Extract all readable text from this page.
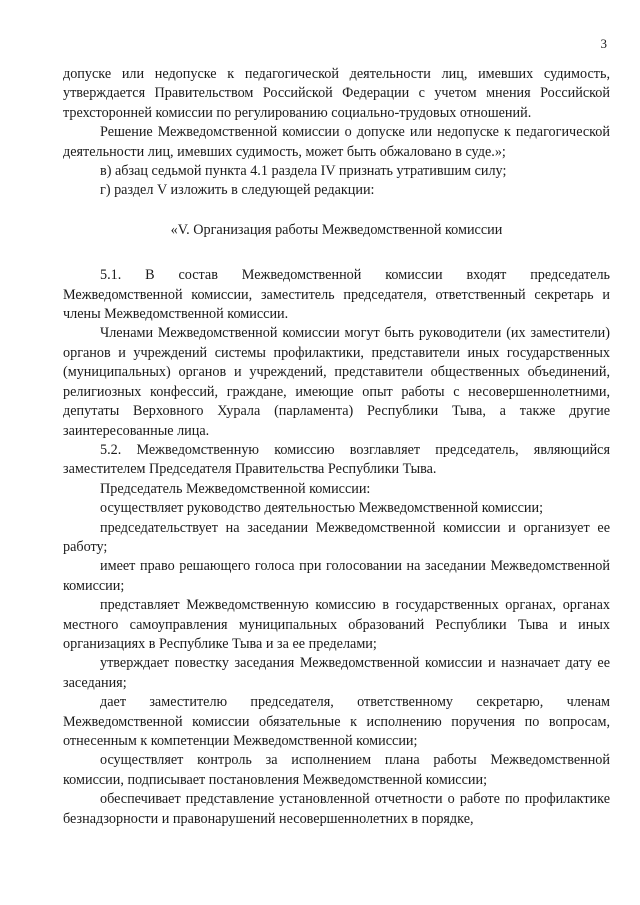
3

допуске или недопуске к педагогической деятельности лиц, имевших судимость, утверждается Правительством Российской Федерации с учетом мнения Российской трехсторонней комиссии по регулированию социально-трудовых отношений.

Решение Межведомственной комиссии о допуске или недопуске к педагогической деятельности лиц, имевших судимость, может быть обжаловано в суде.»;

в) абзац седьмой пункта 4.1 раздела IV признать утратившим силу;

г) раздел V изложить в следующей редакции:

«V. Организация работы Межведомственной комиссии

5.1. В состав Межведомственной комиссии входят председатель Межведомственной комиссии, заместитель председателя, ответственный секретарь и члены Межведомственной комиссии.

Членами Межведомственной комиссии могут быть руководители (их заместители) органов и учреждений системы профилактики, представители иных государственных (муниципальных) органов и учреждений, представители общественных объединений, религиозных конфессий, граждане, имеющие опыт работы с несовершеннолетними, депутаты Верховного Хурала (парламента) Республики Тыва, а также другие заинтересованные лица.

5.2. Межведомственную комиссию возглавляет председатель, являющийся заместителем Председателя Правительства Республики Тыва.

Председатель Межведомственной комиссии:

осуществляет руководство деятельностью Межведомственной комиссии;

председательствует на заседании Межведомственной комиссии и организует ее работу;

имеет право решающего голоса при голосовании на заседании Межведомственной комиссии;

представляет Межведомственную комиссию в государственных органах, органах местного самоуправления муниципальных образований Республики Тыва и иных организациях в Республике Тыва и за ее пределами;

утверждает повестку заседания Межведомственной комиссии и назначает дату ее заседания;

дает заместителю председателя, ответственному секретарю, членам Межведомственной комиссии обязательные к исполнению поручения по вопросам, отнесенным к компетенции Межведомственной комиссии;

осуществляет контроль за исполнением плана работы Межведомственной комиссии, подписывает постановления Межведомственной комиссии;

обеспечивает представление установленной отчетности о работе по профилактике безнадзорности и правонарушений несовершеннолетних в порядке,
